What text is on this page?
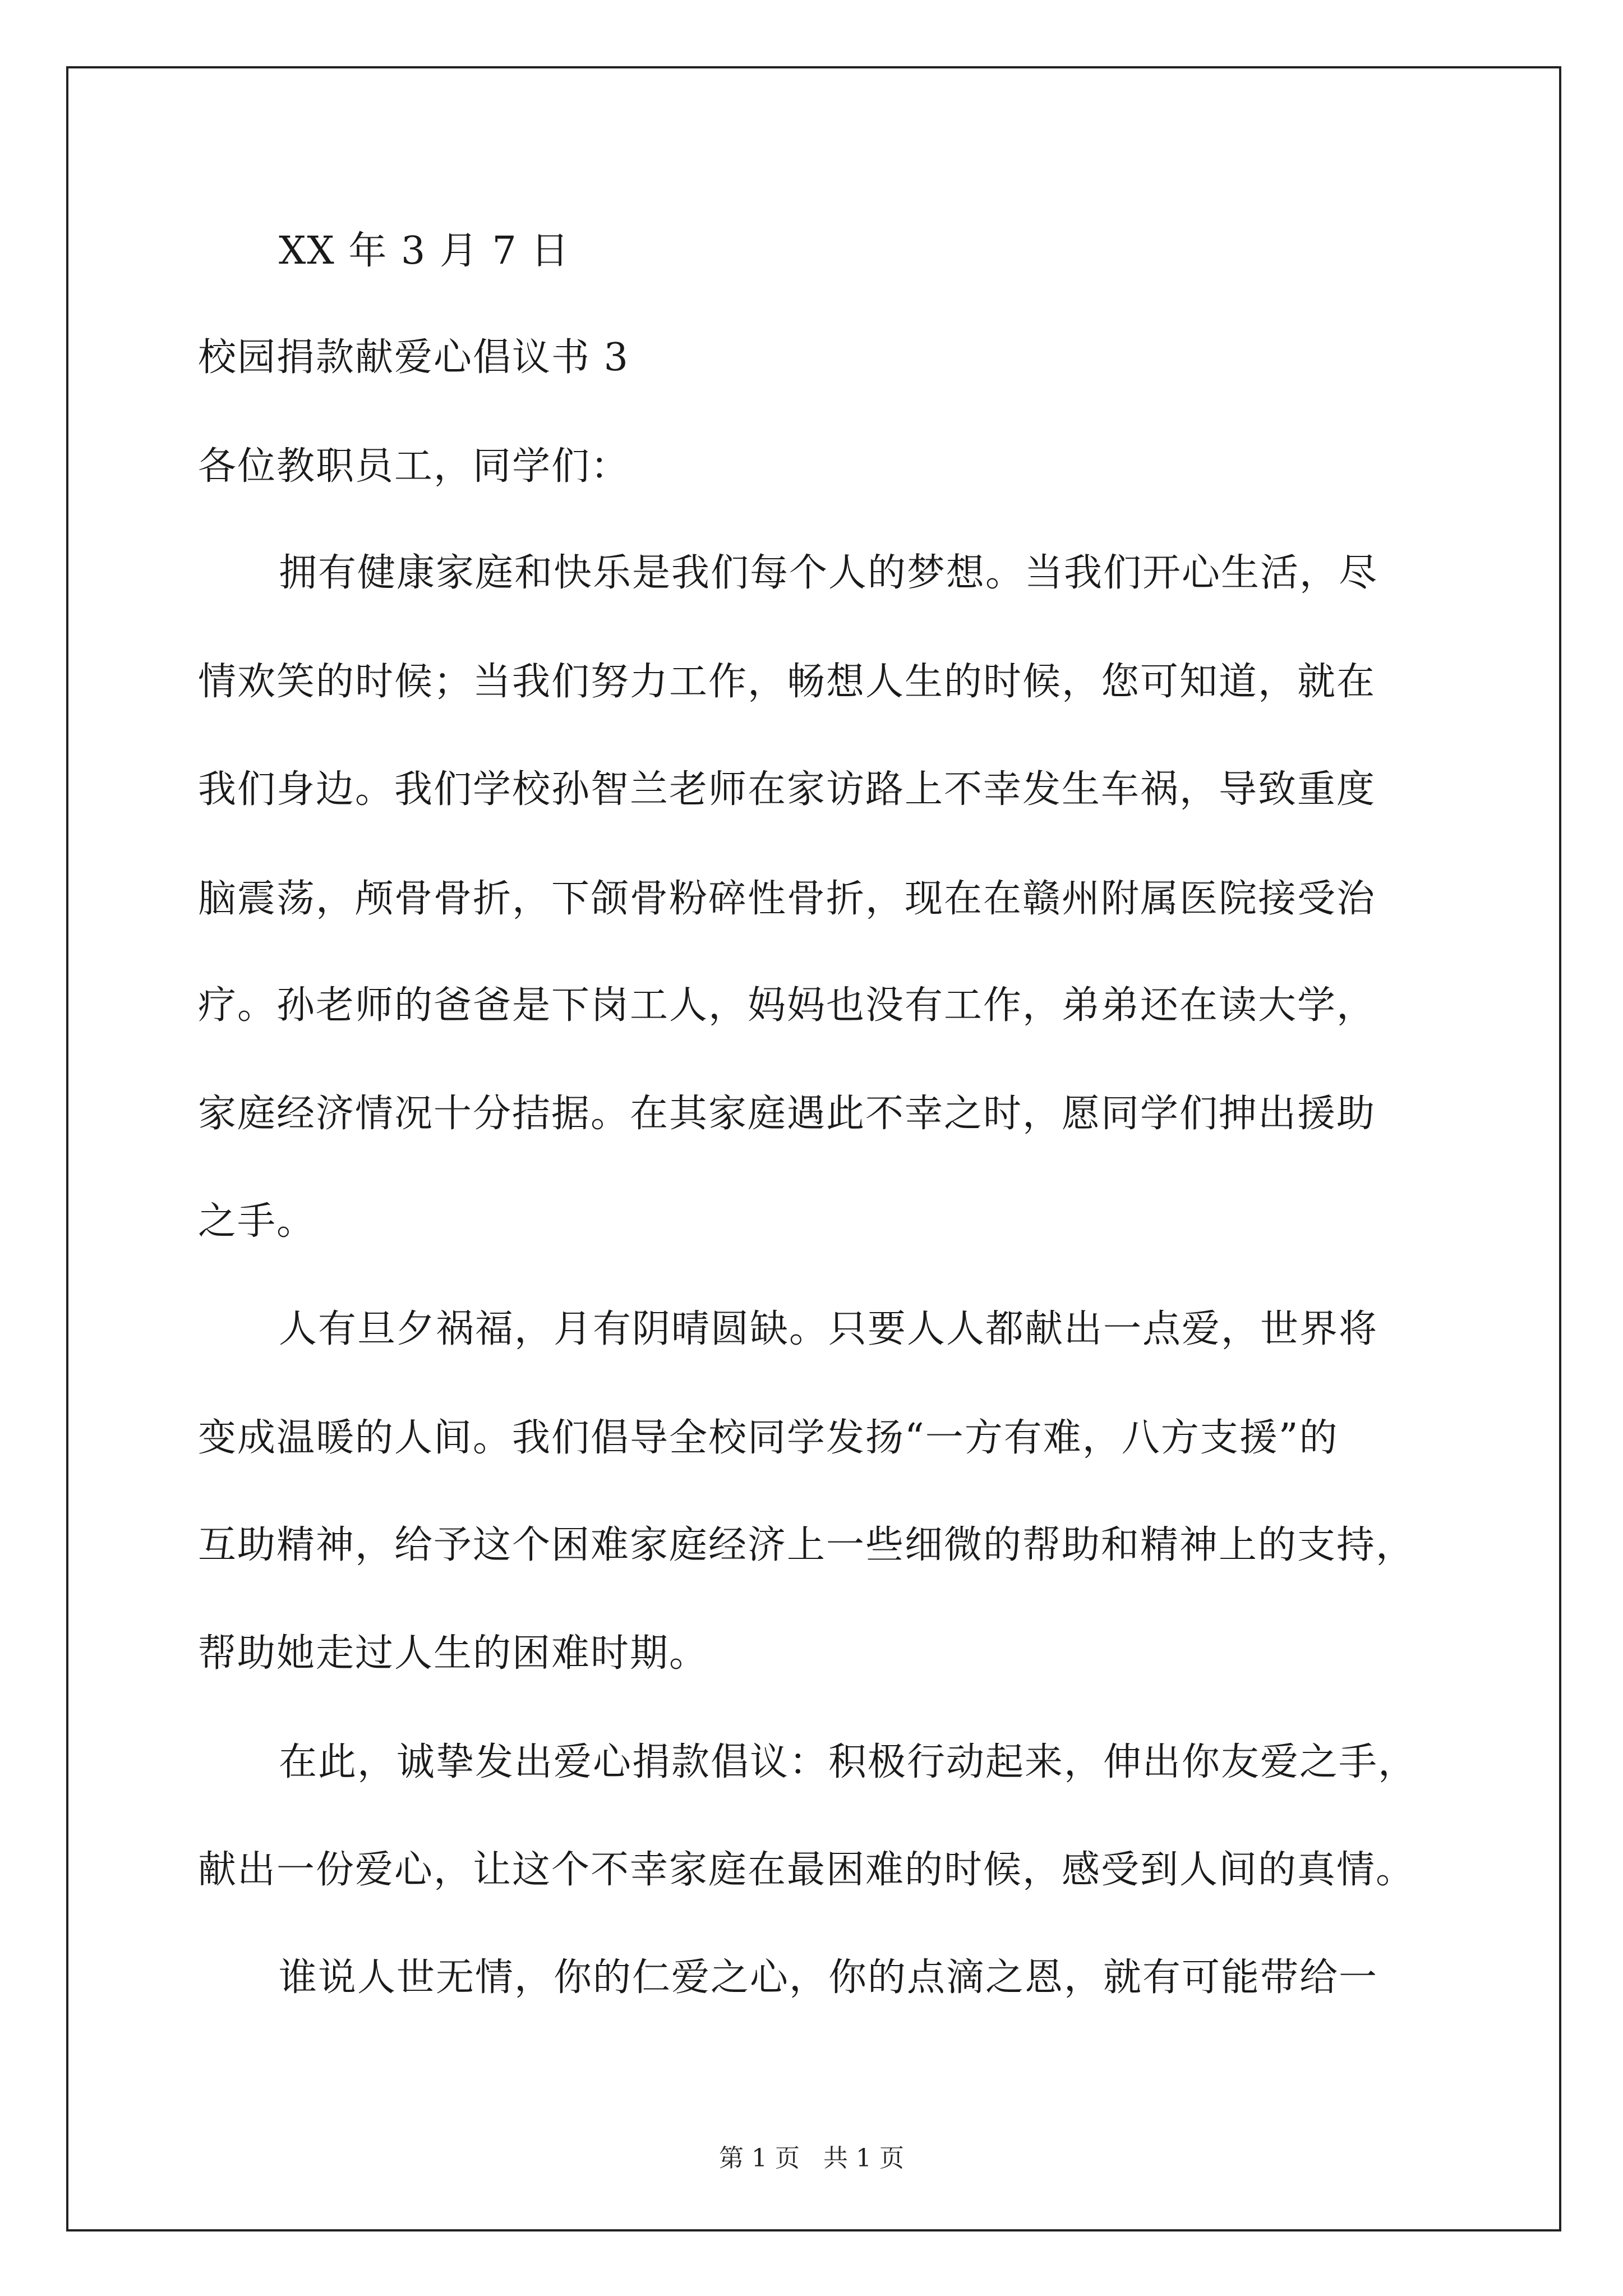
XX 年 3 月 7 日
校园捐款献爱心倡议书 3
各位教职员工，同学们：
拥有健康家庭和快乐是我们每个人的梦想。当我们开心生活，尽
情欢笑的时候；当我们努力工作，畅想人生的时候，您可知道，就在
我们身边。我们学校孙智兰老师在家访路上不幸发生车祸，导致重度
脑震荡，颅骨骨折，下颌骨粉碎性骨折，现在在赣州附属医院接受治
疗。孙老师的爸爸是下岗工人，妈妈也没有工作，弟弟还在读大学，
家庭经济情况十分拮据。在其家庭遇此不幸之时，愿同学们抻出援助
之手。
人有旦夕祸福，月有阴晴圆缺。只要人人都献出一点爱，世界将
变成温暖的人间。我们倡导全校同学发扬“一方有难，八方支援”的
互助精神，给予这个困难家庭经济上一些细微的帮助和精神上的支持，
帮助她走过人生的困难时期。
在此，诚挚发出爱心捐款倡议：积极行动起来，伸出你友爱之手，
献出一份爱心，让这个不幸家庭在最困难的时候，感受到人间的真情。
谁说人世无情，你的仁爱之心，你的点滴之恩，就有可能带给一
第 1 页 共 1 页
